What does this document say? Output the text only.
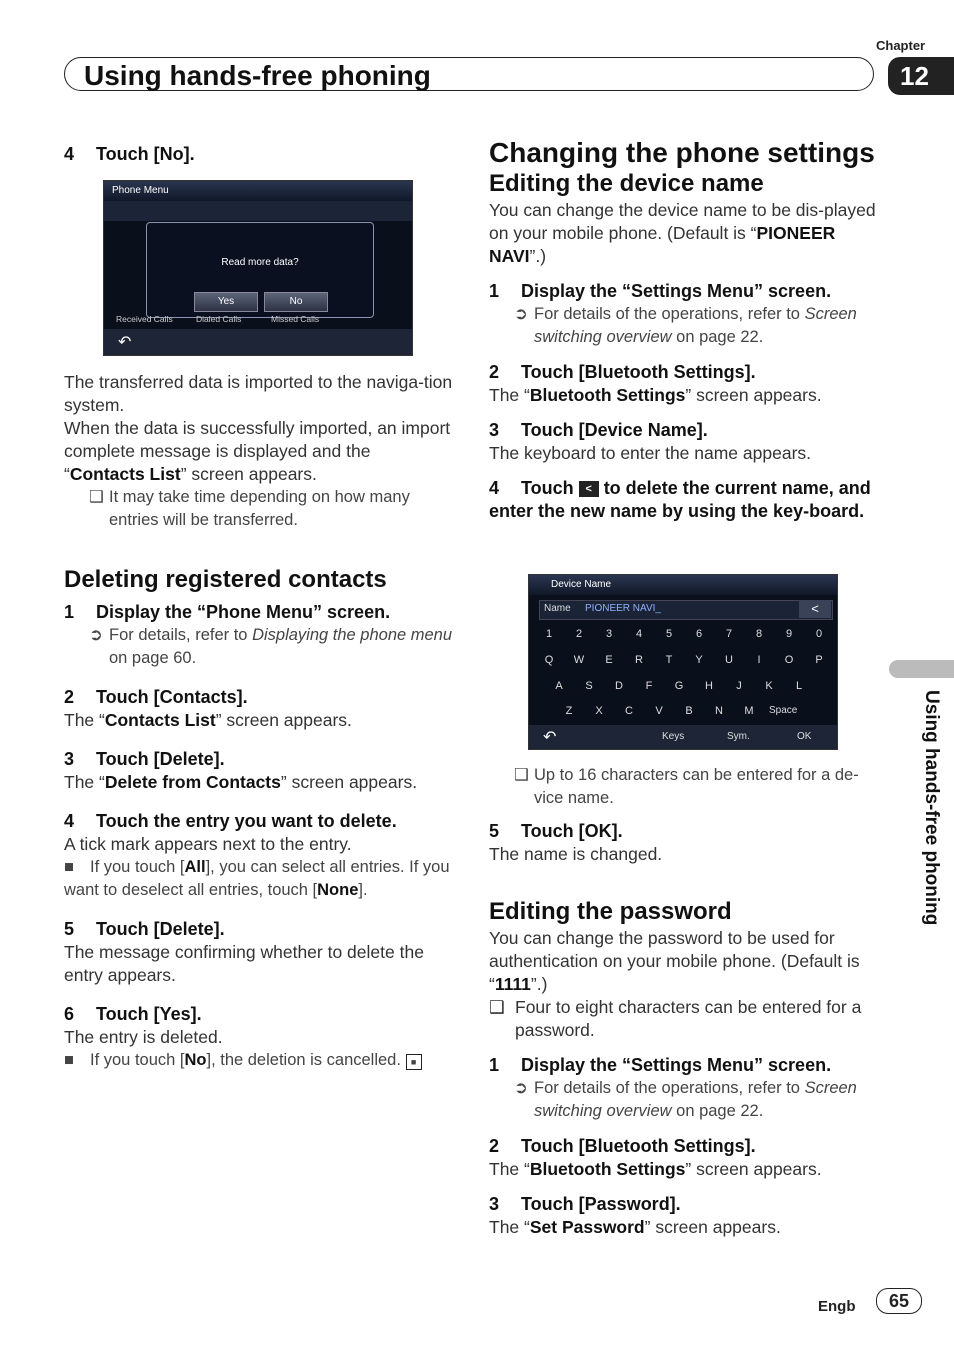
Chapter
Using hands-free phoning	12
Using hands-free phoning

4 Touch [No].

Phone Menu
Read more data?
Yes	No
Received Calls	Dialed Calls	Missed Calls
↶

The transferred data is imported to the naviga-tion system.

When the data is successfully imported, an import complete message is displayed and the “Contacts List” screen appears.

❑ It may take time depending on how many entries will be transferred.

Deleting registered contacts

1 Display the “Phone Menu” screen.

➲ For details, refer to Displaying the phone menu on page 60.

2 Touch [Contacts].

The “Contacts List” screen appears.

3 Touch [Delete].

The “Delete from Contacts” screen appears.

4 Touch the entry you want to delete.

A tick mark appears next to the entry.

■ If you touch [All], you can select all entries. If you want to deselect all entries, touch [None].

5 Touch [Delete].

The message confirming whether to delete the entry appears.

6 Touch [Yes].

The entry is deleted.

■ If you touch [No], the deletion is cancelled. ■

Changing the phone settings

Editing the device name

You can change the device name to be dis-played on your mobile phone. (Default is “PIONEER NAVI”.)

1 Display the “Settings Menu” screen.

➲ For details of the operations, refer to Screen switching overview on page 22.

2 Touch [Bluetooth Settings].

The “Bluetooth Settings” screen appears.

3 Touch [Device Name].

The keyboard to enter the name appears.

4 Touch < to delete the current name, and enter the new name by using the key-board.

Device Name
Name PIONEER NAVI_	<
1	2	3	4	5	6	7	8	9	0
Q	W	E	R	T	Y	U	I	O	P
A	S	D	F	G	H	J	K	L
Z	X	C	V	B	N	M	Space
↶	Keys	Sym.	OK

❑ Up to 16 characters can be entered for a de-vice name.

5 Touch [OK].

The name is changed.

Editing the password

You can change the password to be used for authentication on your mobile phone. (Default is “1111”.)

❑ Four to eight characters can be entered for a password.

1 Display the “Settings Menu” screen.

➲ For details of the operations, refer to Screen switching overview on page 22.

2 Touch [Bluetooth Settings].

The “Bluetooth Settings” screen appears.

3 Touch [Password].

The “Set Password” screen appears.

Engb	65
